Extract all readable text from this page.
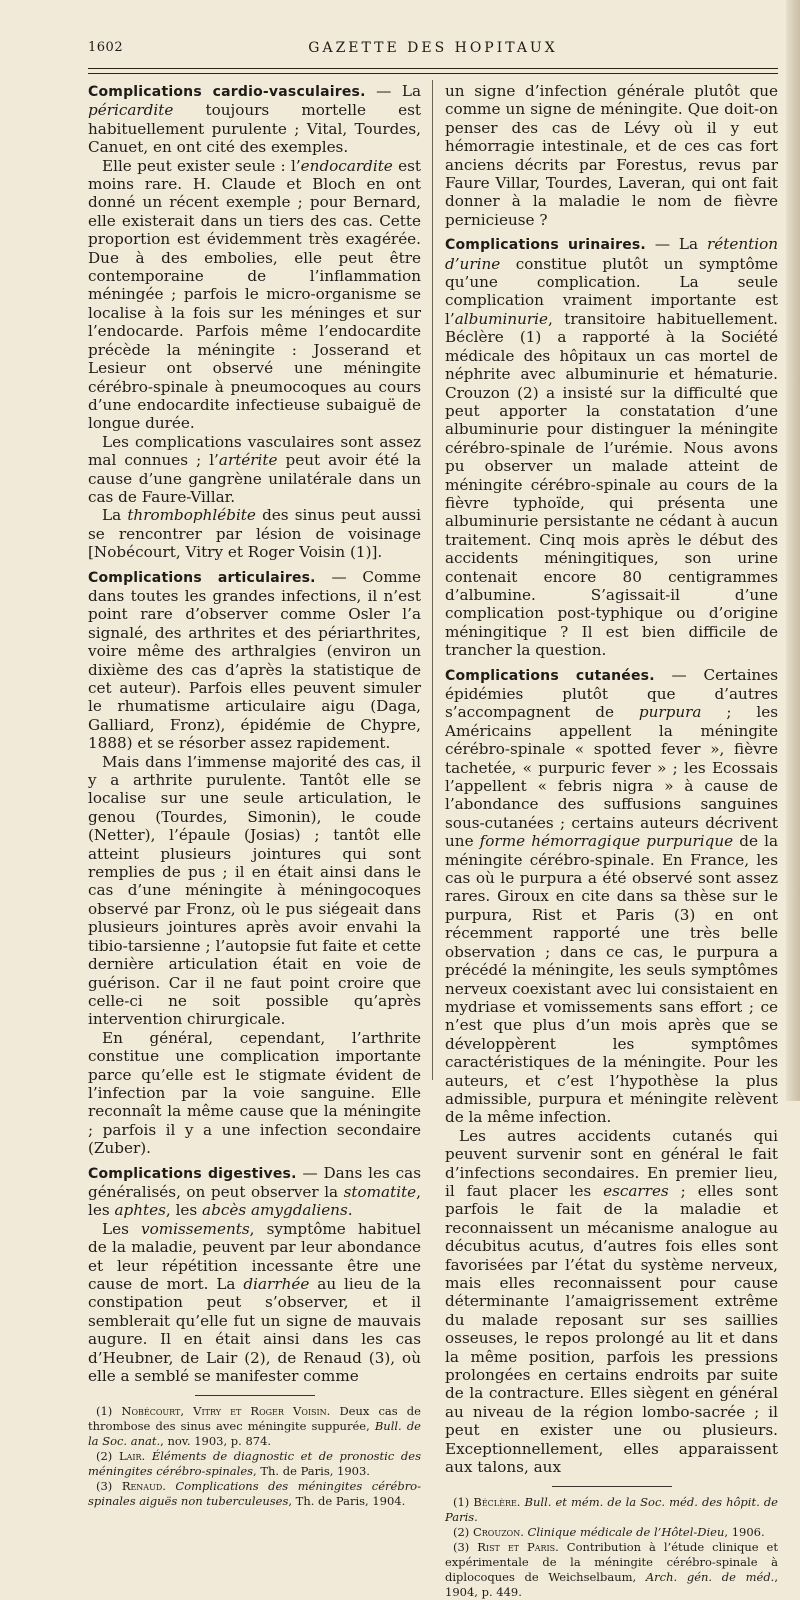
1602	GAZETTE DES HOPITAUX

Complications cardio-vasculaires. — La péricardite toujours mortelle est habituellement purulente ; Vital, Tourdes, Canuet, en ont cité des exemples.

Elle peut exister seule : l’endocardite est moins rare. H. Claude et Bloch en ont donné un récent exemple ; pour Bernard, elle existerait dans un tiers des cas. Cette proportion est évidemment très exagérée. Due à des embolies, elle peut être contemporaine de l’inflammation méningée ; parfois le micro-organisme se localise à la fois sur les méninges et sur l’endocarde. Parfois même l’endocardite précède la méningite : Josserand et Lesieur ont observé une méningite cérébro-spinale à pneumocoques au cours d’une endocardite infectieuse subaiguë de longue durée.

Les complications vasculaires sont assez mal connues ; l’artérite peut avoir été la cause d’une gangrène unilatérale dans un cas de Faure-Villar.

La thrombophlébite des sinus peut aussi se rencontrer par lésion de voisinage [Nobécourt, Vitry et Roger Voisin (1)].

Complications articulaires. — Comme dans toutes les grandes infections, il n’est point rare d’observer comme Osler l’a signalé, des arthrites et des périarthrites, voire même des arthralgies (environ un dixième des cas d’après la statistique de cet auteur). Parfois elles peuvent simuler le rhumatisme articulaire aigu (Daga, Galliard, Fronz), épidémie de Chypre, 1888) et se résorber assez rapidement.

Mais dans l’immense majorité des cas, il y a arthrite purulente. Tantôt elle se localise sur une seule articulation, le genou (Tourdes, Simonin), le coude (Netter), l’épaule (Josias) ; tantôt elle atteint plusieurs jointures qui sont remplies de pus ; il en était ainsi dans le cas d’une méningite à méningocoques observé par Fronz, où le pus siégeait dans plusieurs jointures après avoir envahi la tibio-tarsienne ; l’autopsie fut faite et cette dernière articulation était en voie de guérison. Car il ne faut point croire que celle-ci ne soit possible qu’après intervention chirurgicale.

En général, cependant, l’arthrite constitue une complication importante parce qu’elle est le stigmate évident de l’infection par la voie sanguine. Elle reconnaît la même cause que la méningite ; parfois il y a une infection secondaire (Zuber).

Complications digestives. — Dans les cas généralisés, on peut observer la stomatite, les aphtes, les abcès amygdaliens.

Les vomissements, symptôme habituel de la maladie, peuvent par leur abondance et leur répétition incessante être une cause de mort. La diarrhée au lieu de la constipation peut s’observer, et il semblerait qu’elle fut un signe de mauvais augure. Il en était ainsi dans les cas d’Heubner, de Lair (2), de Renaud (3), où elle a semblé se manifester comme

(1) Nobécourt, Vitry et Roger Voisin. Deux cas de thrombose des sinus avec méningite suppurée, Bull. de la Soc. anat., nov. 1903, p. 874.

(2) Lair. Éléments de diagnostic et de pronostic des méningites cérébro-spinales, Th. de Paris, 1903.

(3) Renaud. Complications des méningites cérébro-spinales aiguës non tuberculeuses, Th. de Paris, 1904.

un signe d’infection générale plutôt que comme un signe de méningite. Que doit-on penser des cas de Lévy où il y eut hémorragie intestinale, et de ces cas fort anciens décrits par Forestus, revus par Faure Villar, Tourdes, Laveran, qui ont fait donner à la maladie le nom de fièvre pernicieuse ?

Complications urinaires. — La rétention d’urine constitue plutôt un symptôme qu’une complication. La seule complication vraiment importante est l’albuminurie, transitoire habituellement. Béclère (1) a rapporté à la Société médicale des hôpitaux un cas mortel de néphrite avec albuminurie et hématurie. Crouzon (2) a insisté sur la difficulté que peut apporter la constatation d’une albuminurie pour distinguer la méningite cérébro-spinale de l’urémie. Nous avons pu observer un malade atteint de méningite cérébro-spinale au cours de la fièvre typhoïde, qui présenta une albuminurie persistante ne cédant à aucun traitement. Cinq mois après le début des accidents méningitiques, son urine contenait encore 80 centigrammes d’albumine. S’agissait-il d’une complication post-typhique ou d’origine méningitique ? Il est bien difficile de trancher la question.

Complications cutanées. — Certaines épidémies plutôt que d’autres s’accompagnent de purpura ; les Américains appellent la méningite cérébro-spinale « spotted fever », fièvre tachetée, « purpuric fever » ; les Ecossais l’appellent « febris nigra » à cause de l’abondance des suffusions sanguines sous-cutanées ; certains auteurs décrivent une forme hémorragique purpurique de la méningite cérébro-spinale. En France, les cas où le purpura a été observé sont assez rares. Giroux en cite dans sa thèse sur le purpura, Rist et Paris (3) en ont récemment rapporté une très belle observation ; dans ce cas, le purpura a précédé la méningite, les seuls symptômes nerveux coexistant avec lui consistaient en mydriase et vomissements sans effort ; ce n’est que plus d’un mois après que se développèrent les symptômes caractéristiques de la méningite. Pour les auteurs, et c’est l’hypothèse la plus admissible, purpura et méningite relèvent de la même infection.

Les autres accidents cutanés qui peuvent survenir sont en général le fait d’infections secondaires. En premier lieu, il faut placer les escarres ; elles sont parfois le fait de la maladie et reconnaissent un mécanisme analogue au décubitus acutus, d’autres fois elles sont favorisées par l’état du système nerveux, mais elles reconnaissent pour cause déterminante l’amaigrissement extrême du malade reposant sur ses saillies osseuses, le repos prolongé au lit et dans la même position, parfois les pressions prolongées en certains endroits par suite de la contracture. Elles siègent en général au niveau de la région lombo-sacrée ; il peut en exister une ou plusieurs. Exceptionnellement, elles apparaissent aux talons, aux

(1) Béclère. Bull. et mém. de la Soc. méd. des hôpit. de Paris.

(2) Crouzon. Clinique médicale de l’Hôtel-Dieu, 1906.

(3) Rist et Paris. Contribution à l’étude clinique et expérimentale de la méningite cérébro-spinale à diplocoques de Weichselbaum, Arch. gén. de méd., 1904, p. 449.
